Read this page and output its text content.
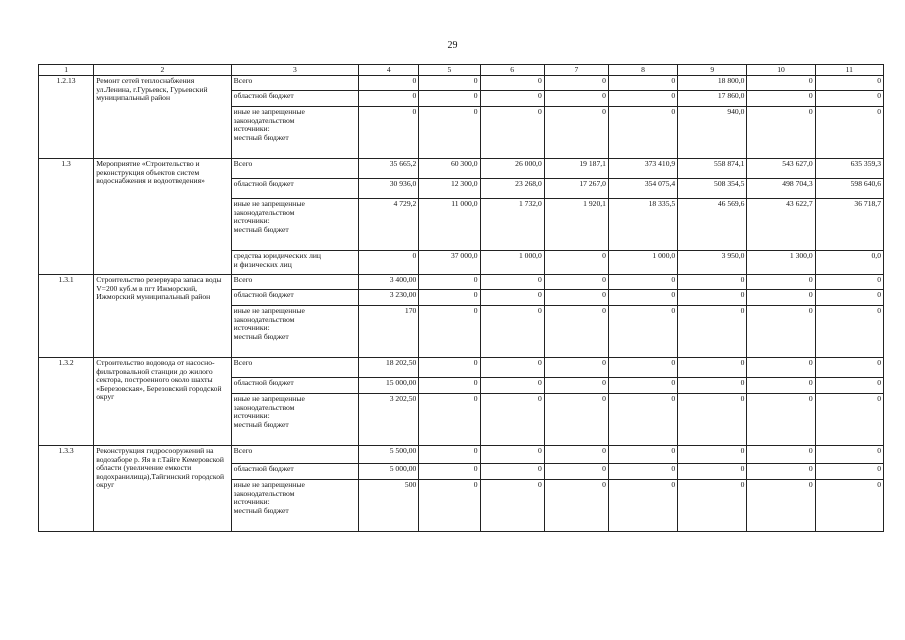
29
1	2	3	4	5	6	7	8	9	10	11
1.2.13	Ремонт сетей теплоснабжения ул.Ленина, г.Гурьевск, Гурьевский муниципальный район	Всего	0	0	0	0	0	18 800,0	0	0

		областной бюджет	0	0	0	0	0	17 860,0	0	0

		иные не запрещенные
законодательством
источники:
местный бюджет	0	0	0	0	0	940,0	0	0
1.3	Мероприятие «Строительство и реконструкция объектов систем водоснабжения и водоотведения»	Всего	35 665,2	60 300,0	26 000,0	19 187,1	373 410,9	558 874,1	543 627,0	635 359,3

		областной бюджет	30 936,0	12 300,0	23 268,0	17 267,0	354 075,4	508 354,5	498 704,3	598 640,6

		иные не запрещенные
законодательством
источники:
местный бюджет	4 729,2	11 000,0	1 732,0	1 920,1	18 335,5	46 569,6	43 622,7	36 718,7

		средства юридических лиц
и физических лиц	0	37 000,0	1 000,0	0	1 000,0	3 950,0	1 300,0	0,0
1.3.1	Строительство резервуара запаса воды V=200 куб.м в пгт Ижморский, Ижморский муниципальный район	Всего	3 400,00	0	0	0	0	0	0	0

		областной бюджет	3 230,00	0	0	0	0	0	0	0

		иные не запрещенные
законодательством
источники:
местный бюджет	170	0	0	0	0	0	0	0
1.3.2	Строительство водовода от насосно-фильтровальной станции до жилого сектора, построенного около шахты «Березовская», Березовский городской округ	Всего	18 202,50	0	0	0	0	0	0	0

		областной бюджет	15 000,00	0	0	0	0	0	0	0

		иные не запрещенные
законодательством
источники:
местный бюджет	3 202,50	0	0	0	0	0	0	0
1.3.3	Реконструкция гидросооружений на водозаборе р. Яя в г.Тайге Кемеровской области (увеличение емкости водохранилища),Тайгинский городской округ	Всего	5 500,00	0	0	0	0	0	0	0

		областной бюджет	5 000,00	0	0	0	0	0	0	0

		иные не запрещенные
законодательством
источники:
местный бюджет	500	0	0	0	0	0	0	0
